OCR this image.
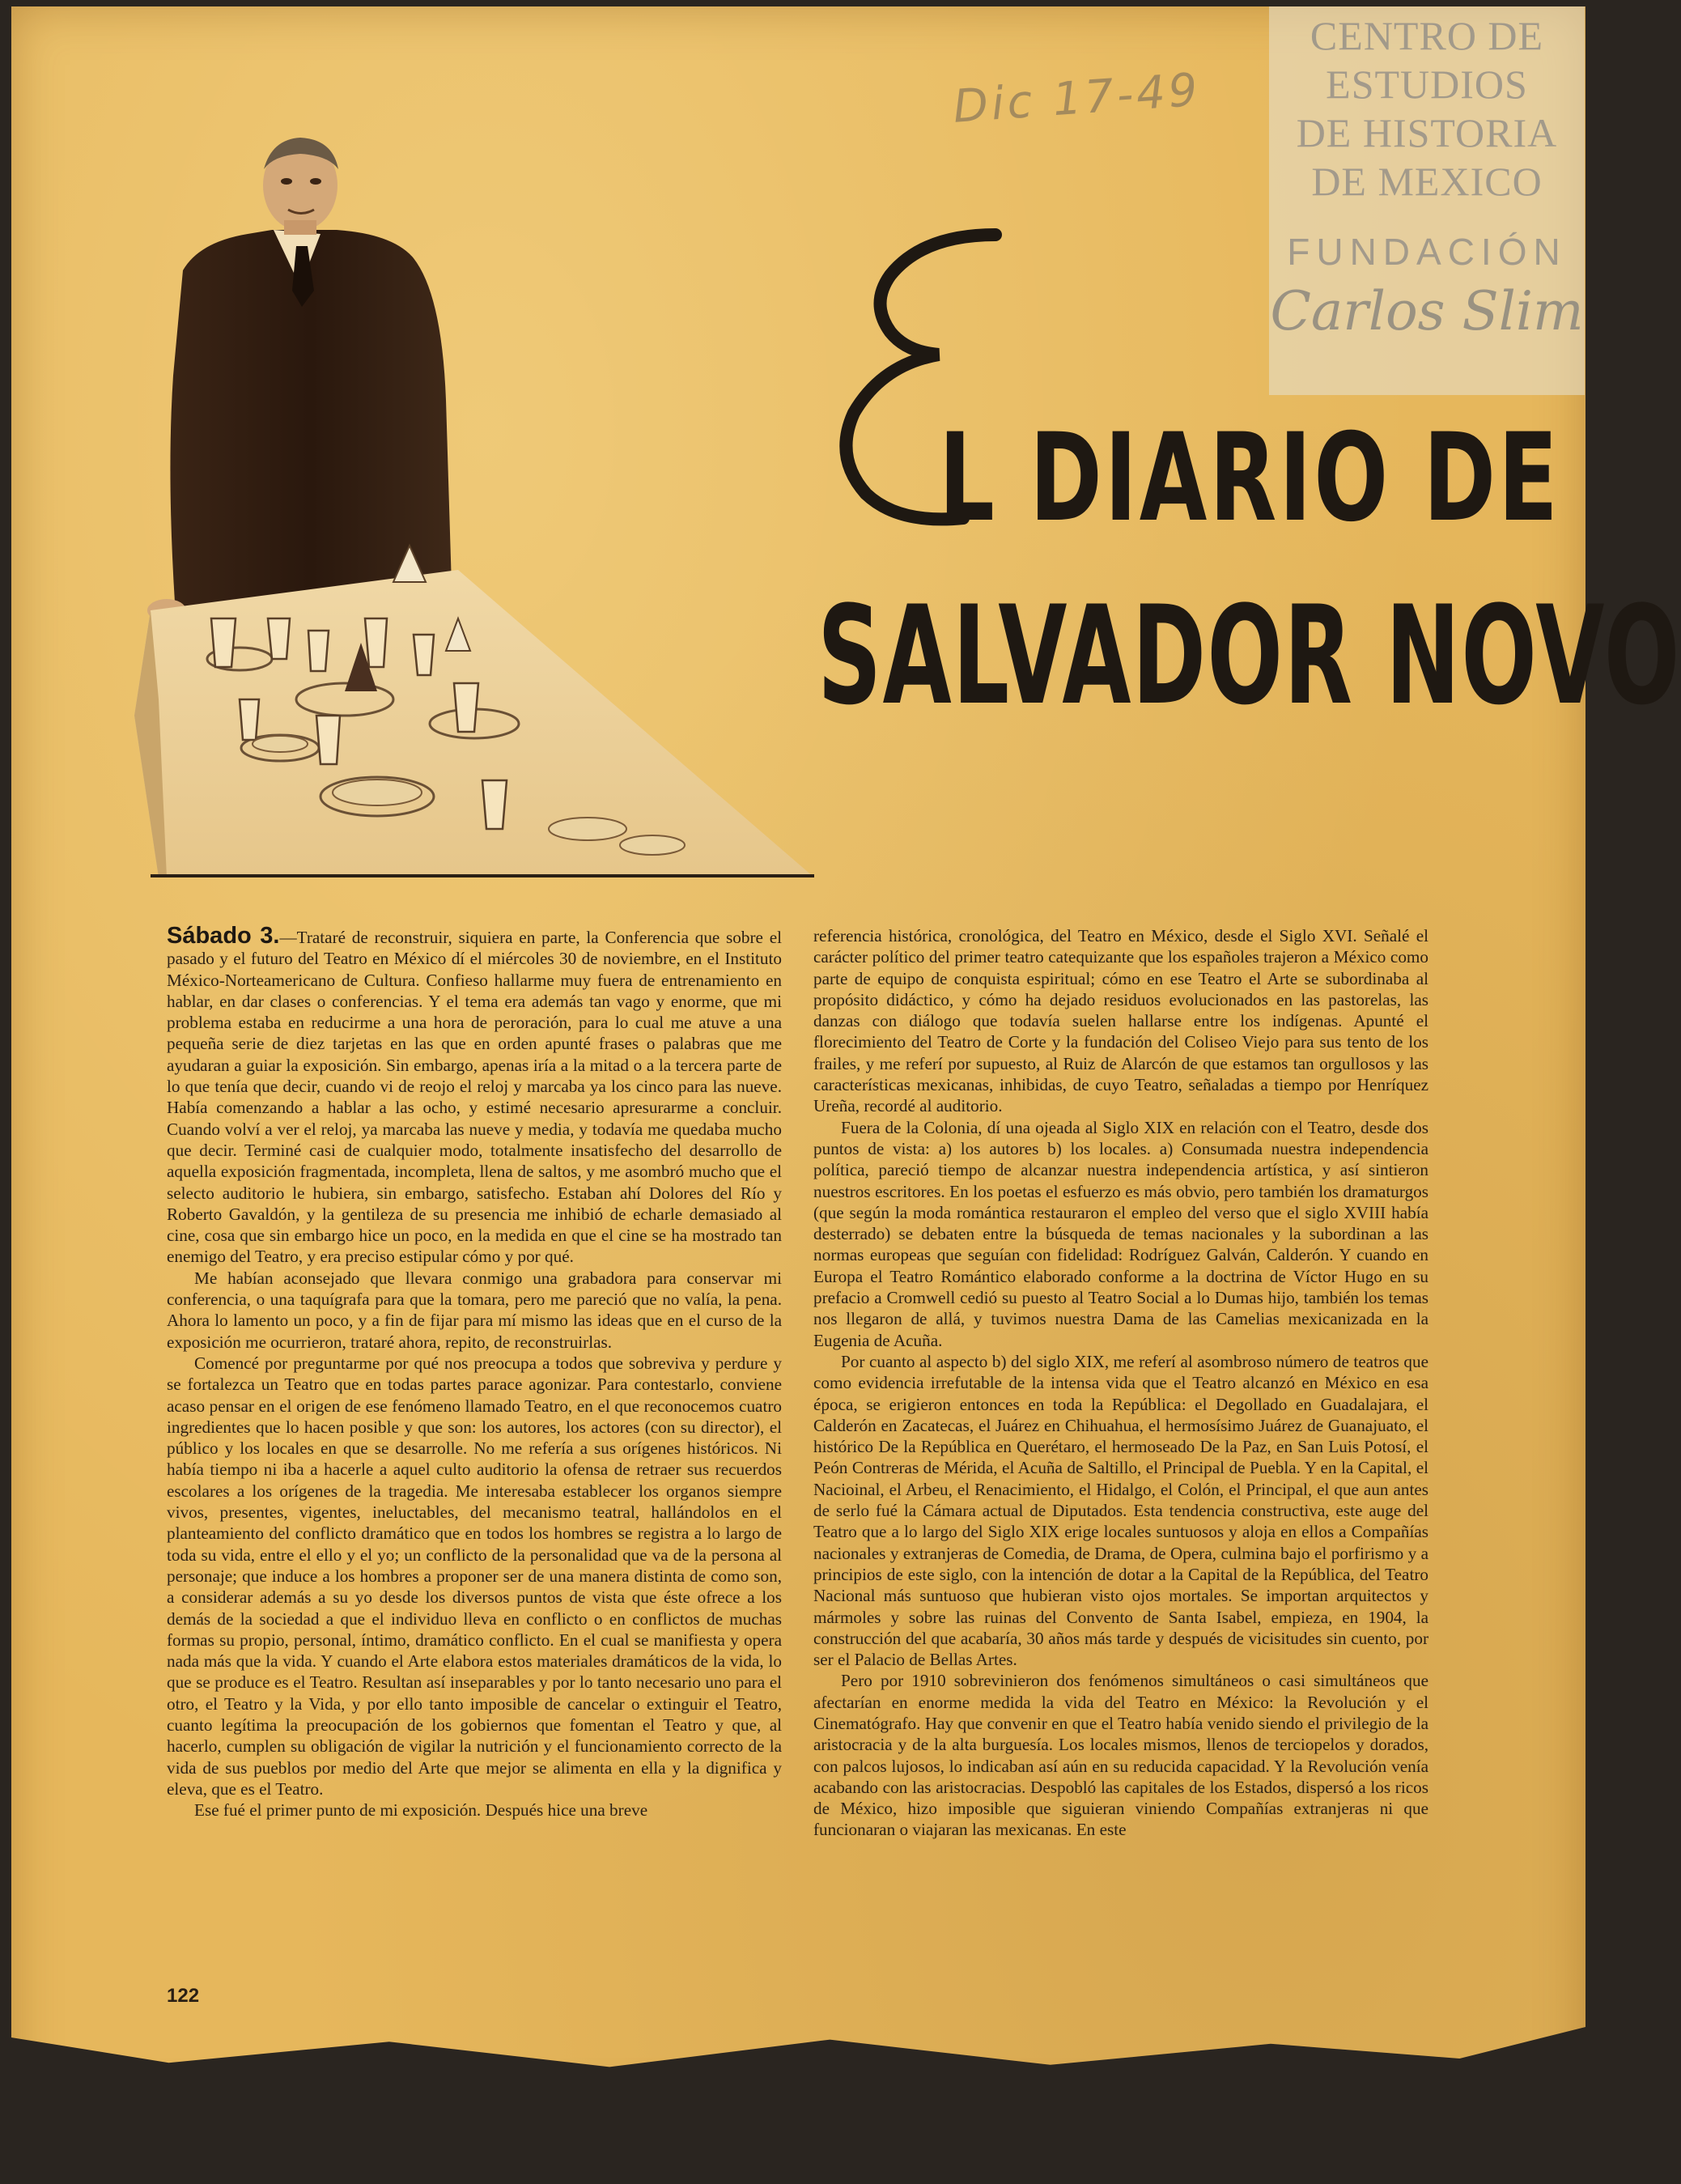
CENTRO DE
ESTUDIOS
DE HISTORIA
DE MEXICO
FUNDACIÓN
Carlos Slim
Dic 17-49
E L DIARIO DE
SALVADOR NOVO

Sábado 3.—Trataré de reconstruir, siquiera en parte, la Conferencia que sobre el pasado y el futuro del Teatro en México dí el miércoles 30 de noviembre, en el Instituto México-Norteamericano de Cultura. Confieso hallarme muy fuera de entrenamiento en hablar, en dar clases o conferencias. Y el tema era además tan vago y enorme, que mi problema estaba en reducirme a una hora de peroración, para lo cual me atuve a una pequeña serie de diez tarjetas en las que en orden apunté frases o palabras que me ayudaran a guiar la exposición. Sin embargo, apenas iría a la mitad o a la tercera parte de lo que tenía que decir, cuando vi de reojo el reloj y marcaba ya los cinco para las nueve. Había comenzando a hablar a las ocho, y estimé necesario apresurarme a concluir. Cuando volví a ver el reloj, ya marcaba las nueve y media, y todavía me quedaba mucho que decir. Terminé casi de cualquier modo, totalmente insatisfecho del desarrollo de aquella exposición fragmentada, incompleta, llena de saltos, y me asombró mucho que el selecto auditorio le hubiera, sin embargo, satisfecho. Estaban ahí Dolores del Río y Roberto Gavaldón, y la gentileza de su presencia me inhibió de echarle demasiado al cine, cosa que sin embargo hice un poco, en la medida en que el cine se ha mostrado tan enemigo del Teatro, y era preciso estipular cómo y por qué.

Me habían aconsejado que llevara conmigo una grabadora para conservar mi conferencia, o una taquígrafa para que la tomara, pero me pareció que no valía, la pena. Ahora lo lamento un poco, y a fin de fijar para mí mismo las ideas que en el curso de la exposición me ocurrieron, trataré ahora, repito, de reconstruirlas.

Comencé por preguntarme por qué nos preocupa a todos que sobreviva y perdure y se fortalezca un Teatro que en todas partes parace agonizar. Para contestarlo, conviene acaso pensar en el origen de ese fenómeno llamado Teatro, en el que reconocemos cuatro ingredientes que lo hacen posible y que son: los autores, los actores (con su director), el público y los locales en que se desarrolle. No me refería a sus orígenes históricos. Ni había tiempo ni iba a hacerle a aquel culto auditorio la ofensa de retraer sus recuerdos escolares a los orígenes de la tragedia. Me interesaba establecer los organos siempre vivos, presentes, vigentes, ineluctables, del mecanismo teatral, hallándolos en el planteamiento del conflicto dramático que en todos los hombres se registra a lo largo de toda su vida, entre el ello y el yo; un conflicto de la personalidad que va de la persona al personaje; que induce a los hombres a proponer ser de una manera distinta de como son, a considerar además a su yo desde los diversos puntos de vista que éste ofrece a los demás de la sociedad a que el individuo lleva en conflicto o en conflictos de muchas formas su propio, personal, íntimo, dramático conflicto. En el cual se manifiesta y opera nada más que la vida. Y cuando el Arte elabora estos materiales dramáticos de la vida, lo que se produce es el Teatro. Resultan así inseparables y por lo tanto necesario uno para el otro, el Teatro y la Vida, y por ello tanto imposible de cancelar o extinguir el Teatro, cuanto legítima la preocupación de los gobiernos que fomentan el Teatro y que, al hacerlo, cumplen su obligación de vigilar la nutrición y el funcionamiento correcto de la vida de sus pueblos por medio del Arte que mejor se alimenta en ella y la dignifica y eleva, que es el Teatro.

Ese fué el primer punto de mi exposición. Después hice una breve

referencia histórica, cronológica, del Teatro en México, desde el Siglo XVI. Señalé el carácter político del primer teatro catequizante que los españoles trajeron a México como parte de equipo de conquista espiritual; cómo en ese Teatro el Arte se subordinaba al propósito didáctico, y cómo ha dejado residuos evolucionados en las pastorelas, las danzas con diálogo que todavía suelen hallarse entre los indígenas. Apunté el florecimiento del Teatro de Corte y la fundación del Coliseo Viejo para sus tento de los frailes, y me referí por supuesto, al Ruiz de Alarcón de que estamos tan orgullosos y las características mexicanas, inhibidas, de cuyo Teatro, señaladas a tiempo por Henríquez Ureña, recordé al auditorio.

Fuera de la Colonia, dí una ojeada al Siglo XIX en relación con el Teatro, desde dos puntos de vista: a) los autores b) los locales. a) Consumada nuestra independencia política, pareció tiempo de alcanzar nuestra independencia artística, y así sintieron nuestros escritores. En los poetas el esfuerzo es más obvio, pero también los dramaturgos (que según la moda romántica restauraron el empleo del verso que el siglo XVIII había desterrado) se debaten entre la búsqueda de temas nacionales y la subordinan a las normas europeas que seguían con fidelidad: Rodríguez Galván, Calderón. Y cuando en Europa el Teatro Romántico elaborado conforme a la doctrina de Víctor Hugo en su prefacio a Cromwell cedió su puesto al Teatro Social a lo Dumas hijo, también los temas nos llegaron de allá, y tuvimos nuestra Dama de las Camelias mexicanizada en la Eugenia de Acuña.

Por cuanto al aspecto b) del siglo XIX, me referí al asombroso número de teatros que como evidencia irrefutable de la intensa vida que el Teatro alcanzó en México en esa época, se erigieron entonces en toda la República: el Degollado en Guadalajara, el Calderón en Zacatecas, el Juárez en Chihuahua, el hermosísimo Juárez de Guanajuato, el histórico De la República en Querétaro, el hermoseado De la Paz, en San Luis Potosí, el Peón Contreras de Mérida, el Acuña de Saltillo, el Principal de Puebla. Y en la Capital, el Nacioinal, el Arbeu, el Renacimiento, el Hidalgo, el Colón, el Principal, el que aun antes de serlo fué la Cámara actual de Diputados. Esta tendencia constructiva, este auge del Teatro que a lo largo del Siglo XIX erige locales suntuosos y aloja en ellos a Compañías nacionales y extranjeras de Comedia, de Drama, de Opera, culmina bajo el porfirismo y a principios de este siglo, con la intención de dotar a la Capital de la República, del Teatro Nacional más suntuoso que hubieran visto ojos mortales. Se importan arquitectos y mármoles y sobre las ruinas del Convento de Santa Isabel, empieza, en 1904, la construcción del que acabaría, 30 años más tarde y después de vicisitudes sin cuento, por ser el Palacio de Bellas Artes.

Pero por 1910 sobrevinieron dos fenómenos simultáneos o casi simultáneos que afectarían en enorme medida la vida del Teatro en México: la Revolución y el Cinematógrafo. Hay que convenir en que el Teatro había venido siendo el privilegio de la aristocracia y de la alta burguesía. Los locales mismos, llenos de terciopelos y dorados, con palcos lujosos, lo indicaban así aún en su reducida capacidad. Y la Revolución venía acabando con las aristocracias. Despobló las capitales de los Estados, dispersó a los ricos de México, hizo imposible que siguieran viniendo Compañías extranjeras ni que funcionaran o viajaran las mexicanas. En este

122
